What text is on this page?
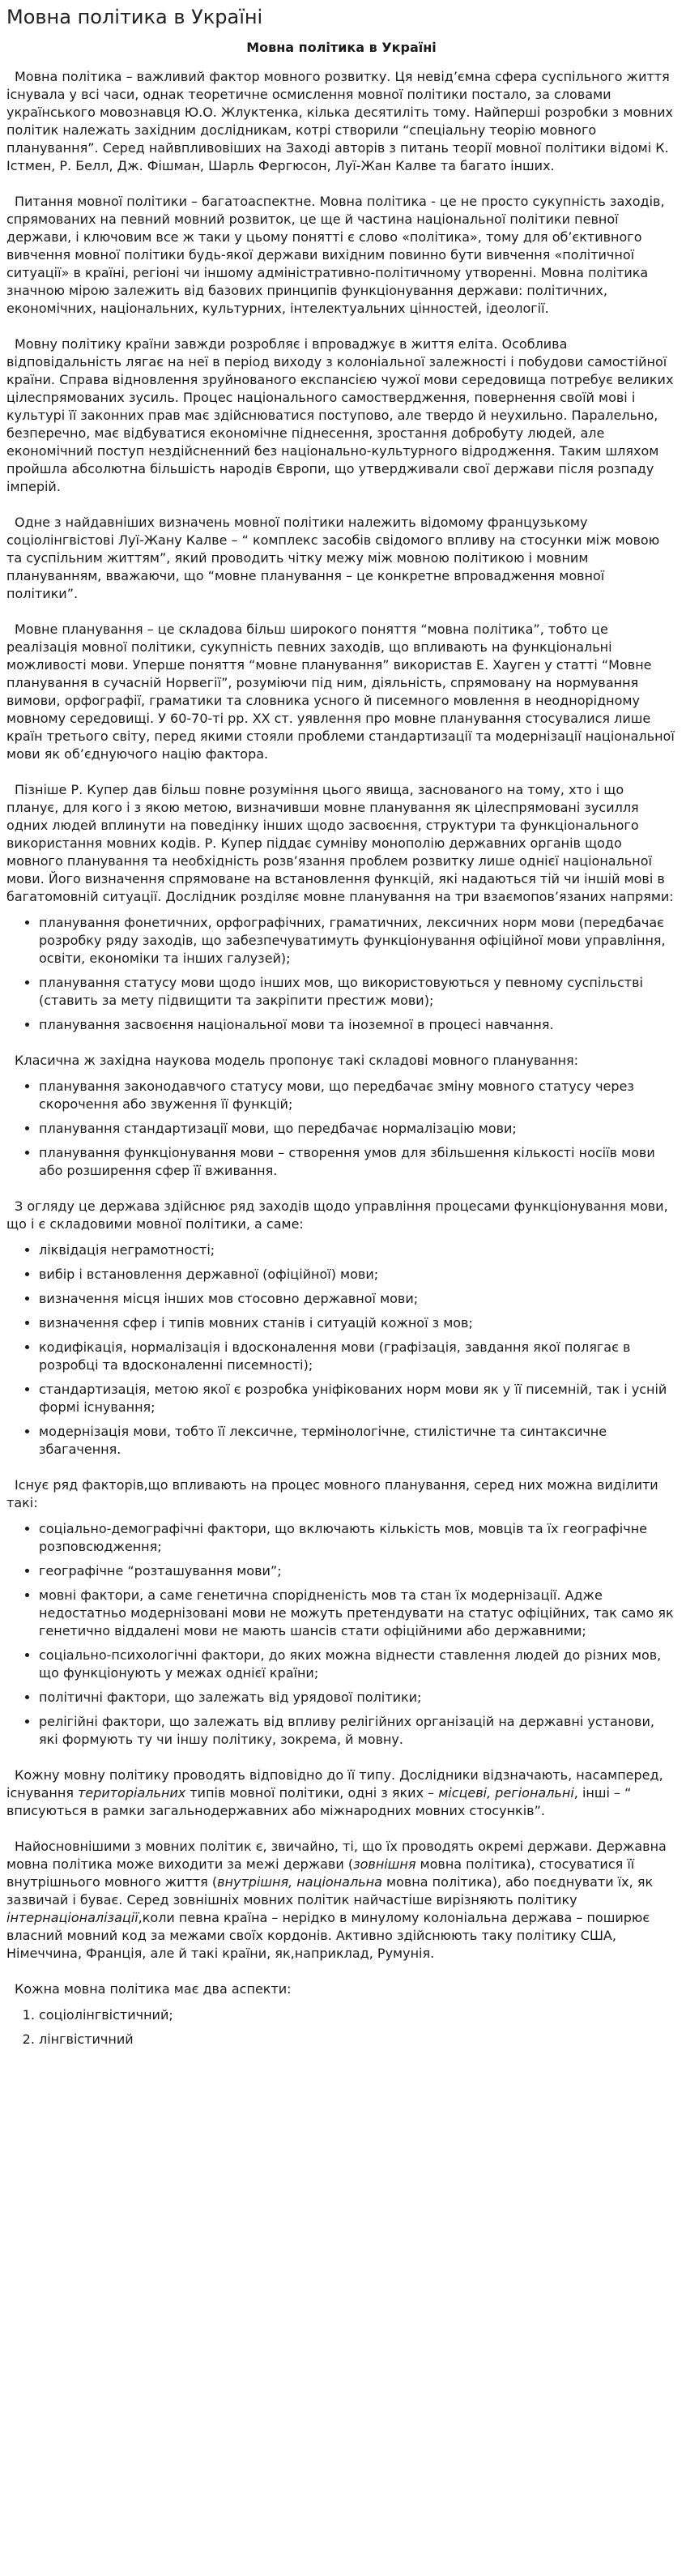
Мовна політика в Україні
Мовна політика в Україні

Мовна політика – важливий фактор мовного розвитку. Ця невід’ємна сфера суспільного життя існувала у всі часи, однак теоретичне осмислення мовної політики постало, за словами українського мовознавця Ю.О. Жлуктенка, кілька десятиліть тому. Найперші розробки з мовних політик належать західним дослідникам, котрі створили “спеціальну теорію мовного планування”. Серед найвпливовіших на Заході авторів з питань теорії мовної політики відомі К. Істмен, Р. Белл, Дж. Фішман, Шарль Фергюсон, Луї-Жан Калве та багато інших.

Питання мовної політики – багатоаспектне. Мовна політика - це не просто сукупність заходів, спрямованих на певний мовний розвиток, це ще й частина національної політики певної держави, і ключовим все ж таки у цьому понятті є слово «політика», тому для об’єктивного вивчення мовної політики будь-якої держави вихідним повинно бути вивчення «політичної ситуації» в країні, регіоні чи іншому адміністративно-політичному утворенні. Мовна політика значною мірою залежить від базових принципів функціонування держави: політичних, економічних, національних, культурних, інтелектуальних цінностей, ідеології.

Мовну політику країни завжди розробляє і впроваджує в життя еліта. Особлива відповідальність лягає на неї в період виходу з колоніальної залежності і побудови самостійної країни. Справа відновлення зруйнованого експансією чужої мови середовища потребує великих цілеспрямованих зусиль. Процес національного самоствердження, повернення своїй мові і культурі її законних прав має здійснюватися поступово, але твердо й неухильно. Паралельно, безперечно, має відбуватися економічне піднесення, зростання добробуту людей, але економічний поступ нездійсненний без національно-культурного відродження. Таким шляхом пройшла абсолютна більшість народів Європи, що утвердживали свої держави після розпаду імперій.

Одне з найдавніших визначень мовної політики належить відомому французькому соціолінгвістові Луї-Жану Калве – “ комплекс засобів свідомого впливу на стосунки між мовою та суспільним життям”, який проводить чітку межу між мовною політикою і мовним плануванням, вважаючи, що “мовне планування – це конкретне впровадження мовної політики”.

Мовне планування – це складова більш широкого поняття “мовна політика”, тобто це реалізація мовної політики, сукупність певних заходів, що впливають на функціональні можливості мови. Уперше поняття “мовне планування” використав Е. Хауген у статті “Мовне планування в сучасній Норвегії”, розуміючи під ним, діяльність, спрямовану на нормування вимови, орфографії, граматики та словника усного й писемного мовлення в неоднорідному мовному середовищі. У 60-70-ті рр. ХХ ст. уявлення про мовне планування стосувалися лише країн третього світу, перед якими стояли проблеми стандартизації та модернізації національної мови як об’єднуючого націю фактора.

Пізніше Р. Купер дав більш повне розуміння цього явища, заснованого на тому, хто і що планує, для кого і з якою метою, визначивши мовне планування як цілеспрямовані зусилля одних людей вплинути на поведінку інших щодо засвоєння, структури та функціонального використання мовних кодів. Р. Купер піддає сумніву монополію державних органів щодо мовного планування та необхідність розв’язання проблем розвитку лише однієї національної мови. Його визначення спрямоване на встановлення функцій, які надаються тій чи іншій мові в багатомовній ситуації. Дослідник розділяє мовне планування на три взаємопов’язаних напрями:

• планування фонетичних, орфографічних, граматичних, лексичних норм мови (передбачає розробку ряду заходів, що забезпечуватимуть функціонування офіційної мови управління, освіти, економіки та інших галузей);
• планування статусу мови щодо інших мов, що використовуються у певному суспільстві (ставить за мету підвищити та закріпити престиж мови);
• планування засвоєння національної мови та іноземної в процесі навчання.

Класична ж західна наукова модель пропонує такі складові мовного планування:

• планування законодавчого статусу мови, що передбачає зміну мовного статусу через скорочення або звуження її функцій;
• планування стандартизації мови, що передбачає нормалізацію мови;
• планування функціонування мови – створення умов для збільшення кількості носіїв мови або розширення сфер її вживання.

З огляду це держава здійснює ряд заходів щодо управління процесами функціонування мови, що і є складовими мовної політики, а саме:

• ліквідація неграмотності;
• вибір і встановлення державної (офіційної) мови;
• визначення місця інших мов стосовно державної мови;
• визначення сфер і типів мовних станів і ситуацій кожної з мов;
• кодифікація, нормалізація і вдосконалення мови (графізація, завдання якої полягає в розробці та вдосконаленні писемності);
• стандартизація, метою якої є розробка уніфікованих норм мови як у її писемній, так і усній формі існування;
• модернізація мови, тобто її лексичне, термінологічне, стилістичне та синтаксичне збагачення.

Існує ряд факторів,що впливають на процес мовного планування, серед них можна виділити такі:

• соціально-демографічні фактори, що включають кількість мов, мовців та їх географічне розповсюдження;
• географічне “розташування мови”;
• мовні фактори, а саме генетична спорідненість мов та стан їх модернізації. Адже недостатньо модернізовані мови не можуть претендувати на статус офіційних, так само як генетично віддалені мови не мають шансів стати офіційними або державними;
• соціально-психологічні фактори, до яких можна віднести ставлення людей до різних мов, що функціонують у межах однієї країни;
• політичні фактори, що залежать від урядової політики;
• релігійні фактори, що залежать від впливу релігійних організацій на державні установи, які формують ту чи іншу політику, зокрема, й мовну.

Кожну мовну політику проводять відповідно до її типу. Дослідники відзначають, насамперед, існування територіальних типів мовної політики, одні з яких – місцеві, регіональні, інші – “ вписуються в рамки загальнодержавних або міжнародних мовних стосунків”.

Найоcновнішими з мовних політик є, звичайно, ті, що їх проводять окремі держави. Державна мовна політика може виходити за межі держави (зовнішня мовна політика), стосуватися її внутрішнього мовного життя (внутрішня, національна мовна політика), або поєднувати їх, як зазвичай і буває. Серед зовнішніх мовних політик найчастіше вирізняють політику інтернаціоналізації,коли певна країна – нерідко в минулому колоніальна держава – поширює власний мовний код за межами своїх кордонів. Активно здійснюють таку політику США, Німеччина, Франція, але й такі країни, як,наприклад, Румунія.

Кожна мовна політика має два аспекти:

1. соціолінгвістичний;
2. лінгвістичний
